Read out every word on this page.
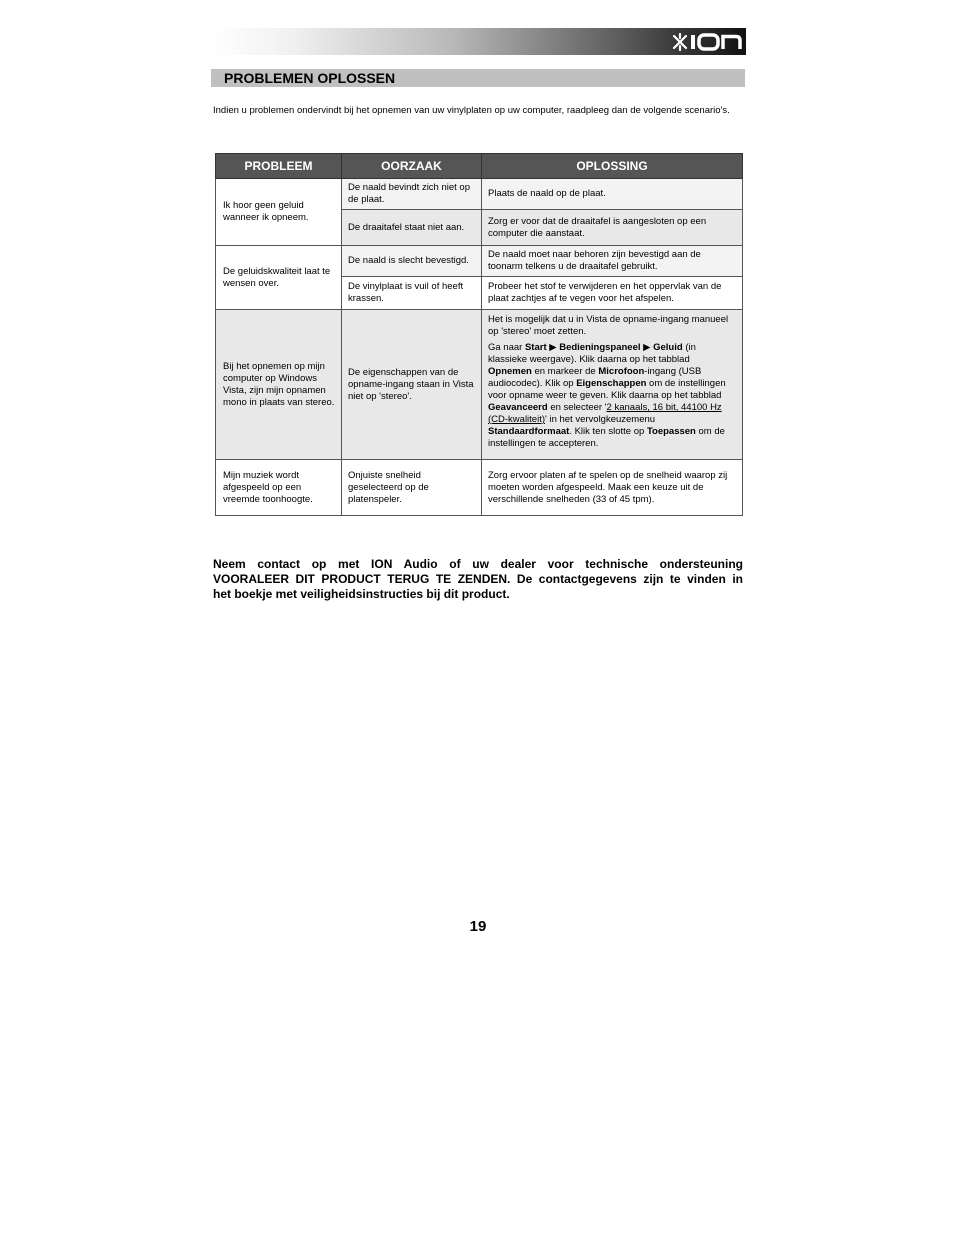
PROBLEMEN OPLOSSEN

Indien u problemen ondervindt bij het opnemen van uw vinylplaten op uw computer, raadpleeg dan de volgende scenario's.

PROBLEEM	OORZAAK	OPLOSSING
Ik hoor geen geluid wanneer ik opneem.	De naald bevindt zich niet op de plaat.	Plaats de naald op de plaat.
	De draaitafel staat niet aan.	Zorg er voor dat de draaitafel is aangesloten op een computer die aanstaat.
De geluidskwaliteit laat te wensen over.	De naald is slecht bevestigd.	De naald moet naar behoren zijn bevestigd aan de toonarm telkens u de draaitafel gebruikt.
	De vinylplaat is vuil of heeft krassen.	Probeer het stof te verwijderen en het oppervlak van de plaat zachtjes af te vegen voor het afspelen.
Bij het opnemen op mijn computer op Windows Vista, zijn mijn opnamen mono in plaats van stereo.	De eigenschappen van de opname-ingang staan in Vista niet op 'stereo'.	Het is mogelijk dat u in Vista de opname-ingang manueel op 'stereo' moet zetten.

Ga naar Start ▶ Bedieningspaneel ▶ Geluid (in klassieke weergave). Klik daarna op het tabblad Opnemen en markeer de Microfoon-ingang (USB audiocodec). Klik op Eigenschappen om de instellingen voor opname weer te geven. Klik daarna op het tabblad Geavanceerd en selecteer '2 kanaals, 16 bit, 44100 Hz (CD-kwaliteit)' in het vervolgkeuzemenu Standaardformaat. Klik ten slotte op Toepassen om de instellingen te accepteren.

Mijn muziek wordt afgespeeld op een vreemde toonhoogte.	Onjuiste snelheid geselecteerd op de platenspeler.	Zorg ervoor platen af te spelen op de snelheid waarop zij moeten worden afgespeeld. Maak een keuze uit de verschillende snelheden (33 of 45 tpm).

Neem contact op met ION Audio of uw dealer voor technische ondersteuning
VOORALEER DIT PRODUCT TERUG TE ZENDEN. De contactgegevens zijn te vinden in
het boekje met veiligheidsinstructies bij dit product.

19
